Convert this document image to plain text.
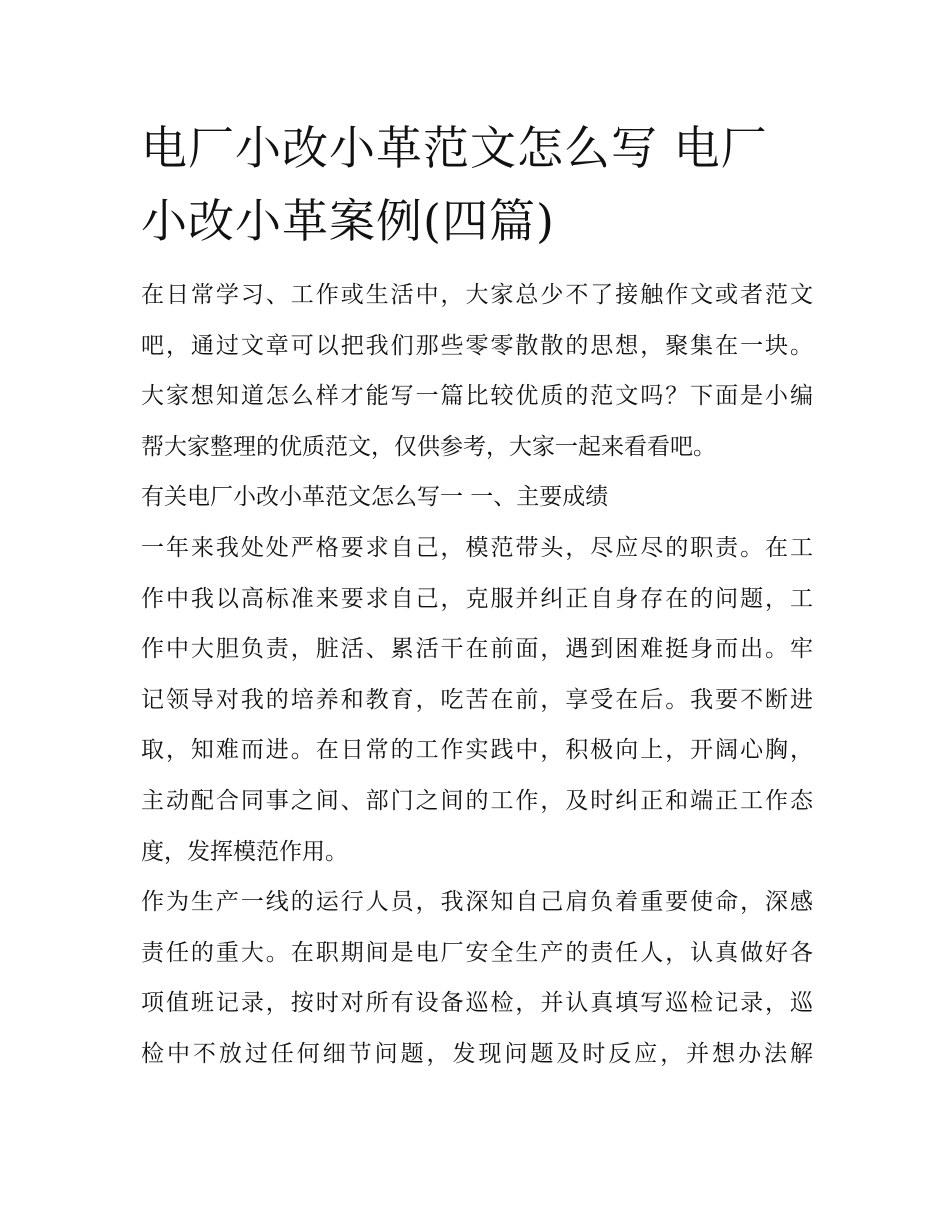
电厂小改小革范文怎么写 电厂
小改小革案例(四篇)

在日常学习、工作或生活中，大家总少不了接触作文或者范文
吧，通过文章可以把我们那些零零散散的思想，聚集在一块。
大家想知道怎么样才能写一篇比较优质的范文吗？下面是小编
帮大家整理的优质范文，仅供参考，大家一起来看看吧。

有关电厂小改小革范文怎么写一 一、主要成绩

一年来我处处严格要求自己，模范带头，尽应尽的职责。在工
作中我以高标准来要求自己，克服并纠正自身存在的问题，工
作中大胆负责，脏活、累活干在前面，遇到困难挺身而出。牢
记领导对我的培养和教育，吃苦在前，享受在后。我要不断进
取，知难而进。在日常的工作实践中，积极向上，开阔心胸，
主动配合同事之间、部门之间的工作，及时纠正和端正工作态
度，发挥模范作用。

作为生产一线的运行人员，我深知自己肩负着重要使命，深感
责任的重大。在职期间是电厂安全生产的责任人，认真做好各
项值班记录，按时对所有设备巡检，并认真填写巡检记录，巡
检中不放过任何细节问题，发现问题及时反应，并想办法解
